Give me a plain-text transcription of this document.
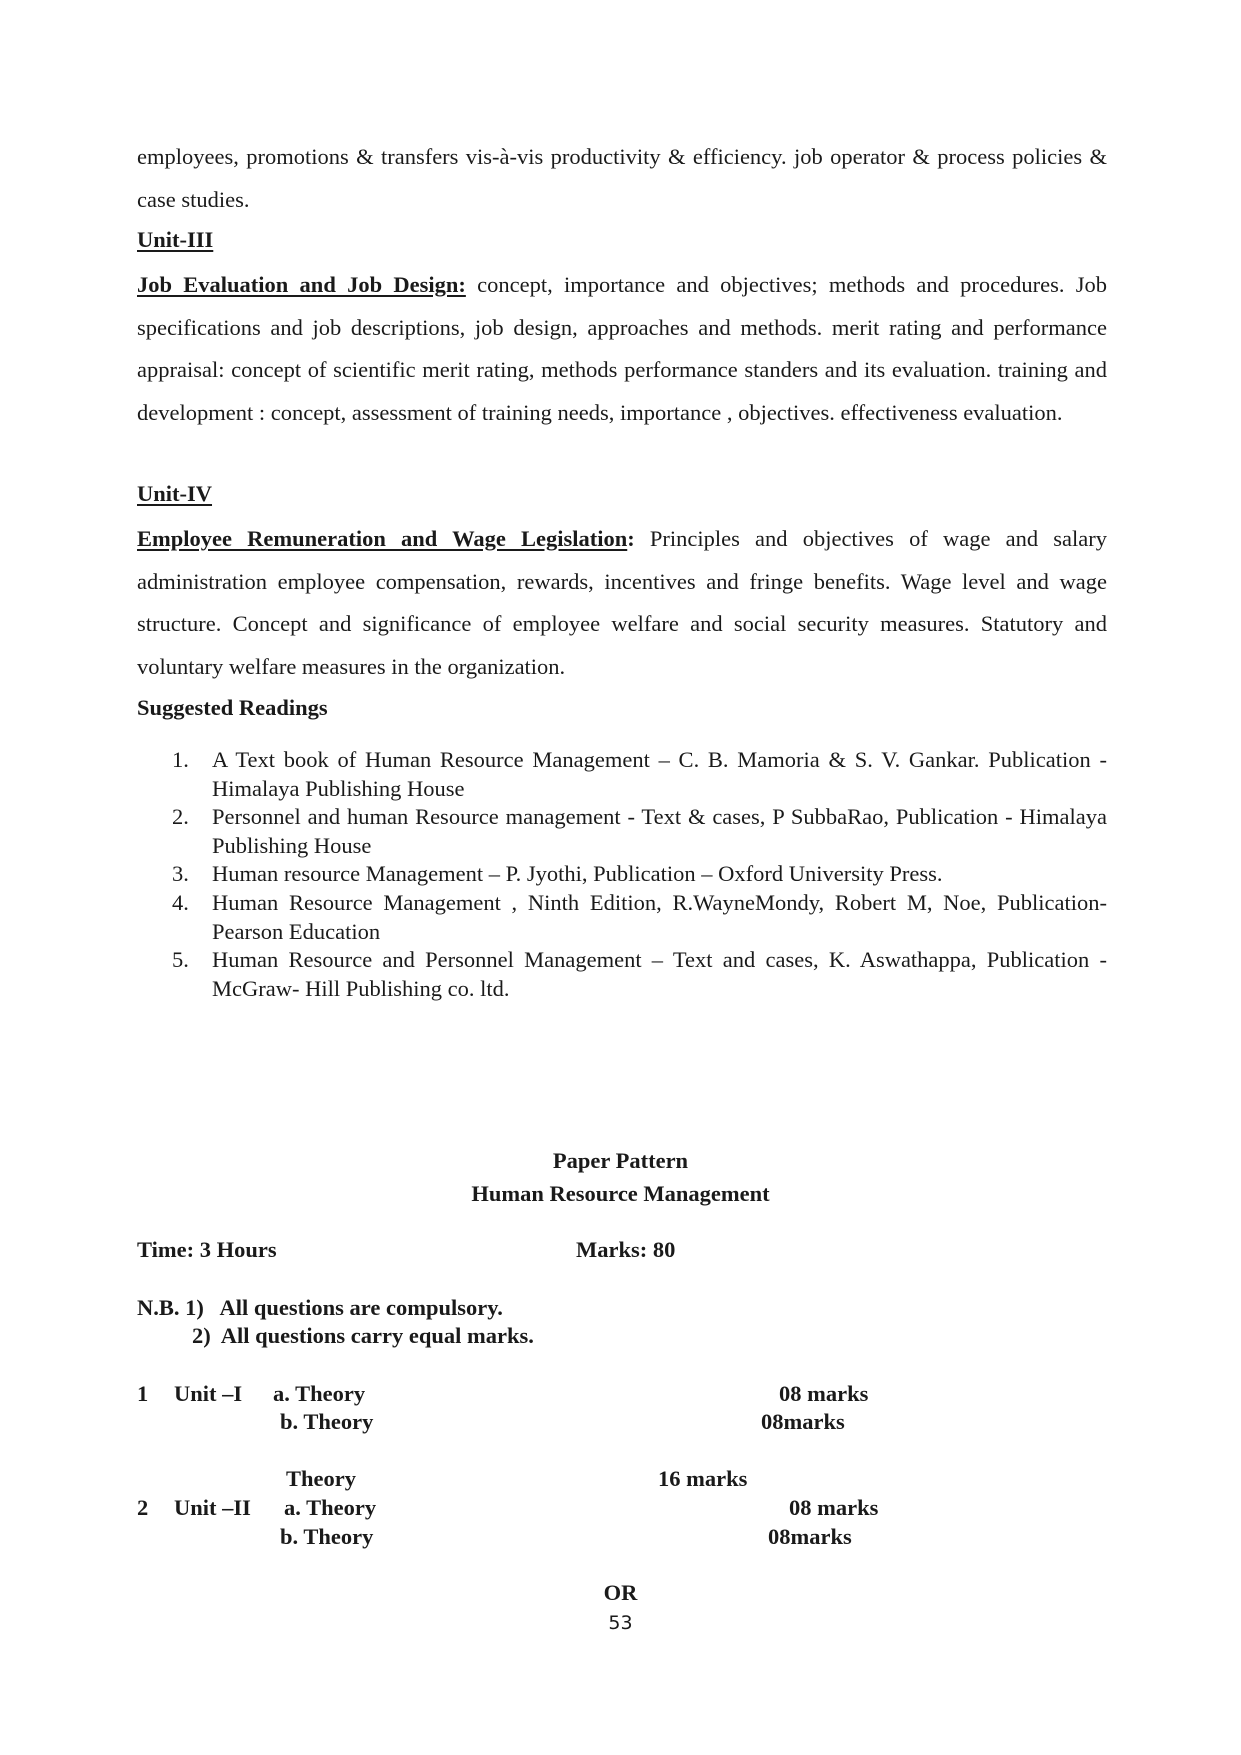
employees, promotions & transfers vis-à-vis productivity & efficiency. job operator & process policies & case studies.

Unit-III

Job Evaluation and Job Design: concept, importance and objectives; methods and procedures. Job specifications and job descriptions, job design, approaches and methods. merit rating and performance appraisal: concept of scientific merit rating, methods performance standers and its evaluation. training and development : concept, assessment of training needs, importance , objectives. effectiveness evaluation.

Unit-IV

Employee Remuneration and Wage Legislation: Principles and objectives of wage and salary administration employee compensation, rewards, incentives and fringe benefits. Wage level and wage structure. Concept and significance of employee welfare and social security measures. Statutory and voluntary welfare measures in the organization.

Suggested Readings

1. A Text book of Human Resource Management – C. B. Mamoria & S. V. Gankar. Publication - Himalaya Publishing House
2. Personnel and human Resource management - Text & cases, P SubbaRao, Publication - Himalaya Publishing House
3. Human resource Management – P. Jyothi, Publication – Oxford University Press.
4. Human Resource Management , Ninth Edition, R.WayneMondy, Robert M, Noe, Publication- Pearson Education
5. Human Resource and Personnel Management – Text and cases, K. Aswathappa, Publication - McGraw- Hill Publishing co. ltd.

Paper Pattern

Human Resource Management

Time: 3 Hours	Marks: 80

N.B. 1)   All questions are compulsory.

2)  All questions carry equal marks.

1 Unit –I a. Theory	08 marks

b. Theory	08marks

Theory	16 marks

2 Unit –II a. Theory	08 marks

b. Theory	08marks

OR

53
